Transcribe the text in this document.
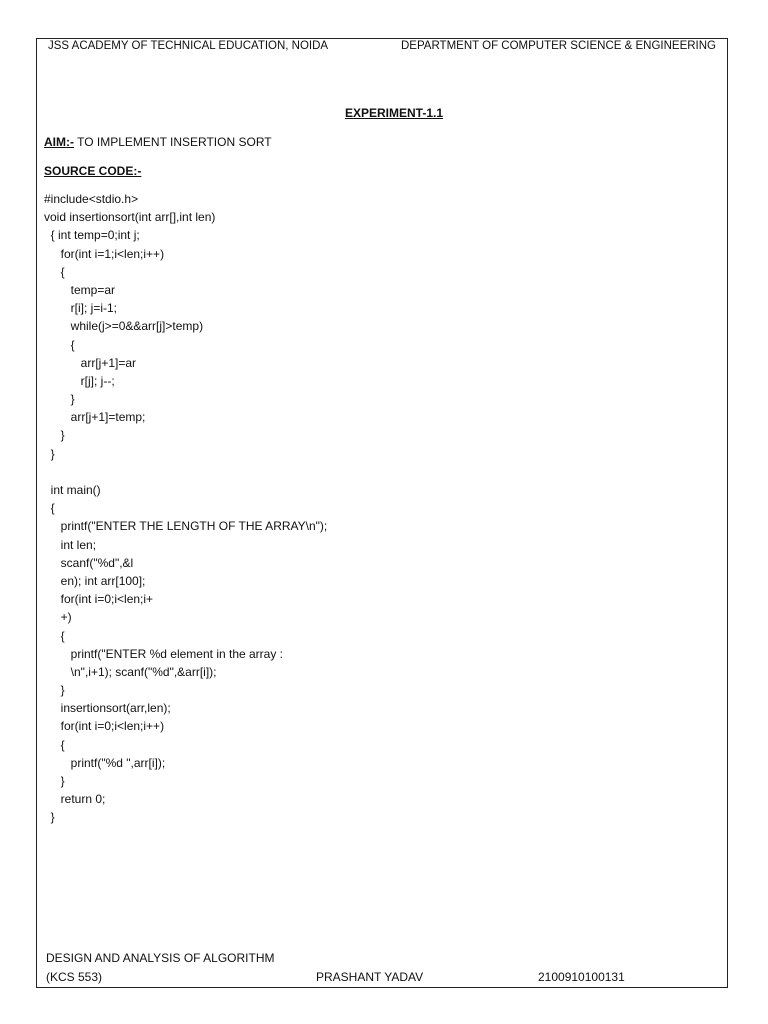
JSS ACADEMY OF TECHNICAL EDUCATION, NOIDA	DEPARTMENT OF COMPUTER SCIENCE & ENGINEERING
EXPERIMENT-1.1
AIM:- TO IMPLEMENT INSERTION SORT
SOURCE CODE:-
#include<stdio.h>
void insertionsort(int arr[],int len)
{ int temp=0;int j;
for(int i=1;i<len;i++)
{
temp=ar
r[i]; j=i-1;
while(j>=0&&arr[j]>temp)
{
arr[j+1]=ar
r[j]; j--;
}
arr[j+1]=temp;
}
}
int main()
{
printf("ENTER THE LENGTH OF THE ARRAY\n");
int len;
scanf("%d",&l
en); int arr[100];
for(int i=0;i<len;i+
+)
{
printf("ENTER %d element in the array :
\n",i+1); scanf("%d",&arr[i]);
}
insertionsort(arr,len);
for(int i=0;i<len;i++)
{
printf("%d ",arr[i]);
}
return 0;
}
DESIGN AND ANALYSIS OF ALGORITHM
(KCS 553)	PRASHANT YADAV	2100910100131
